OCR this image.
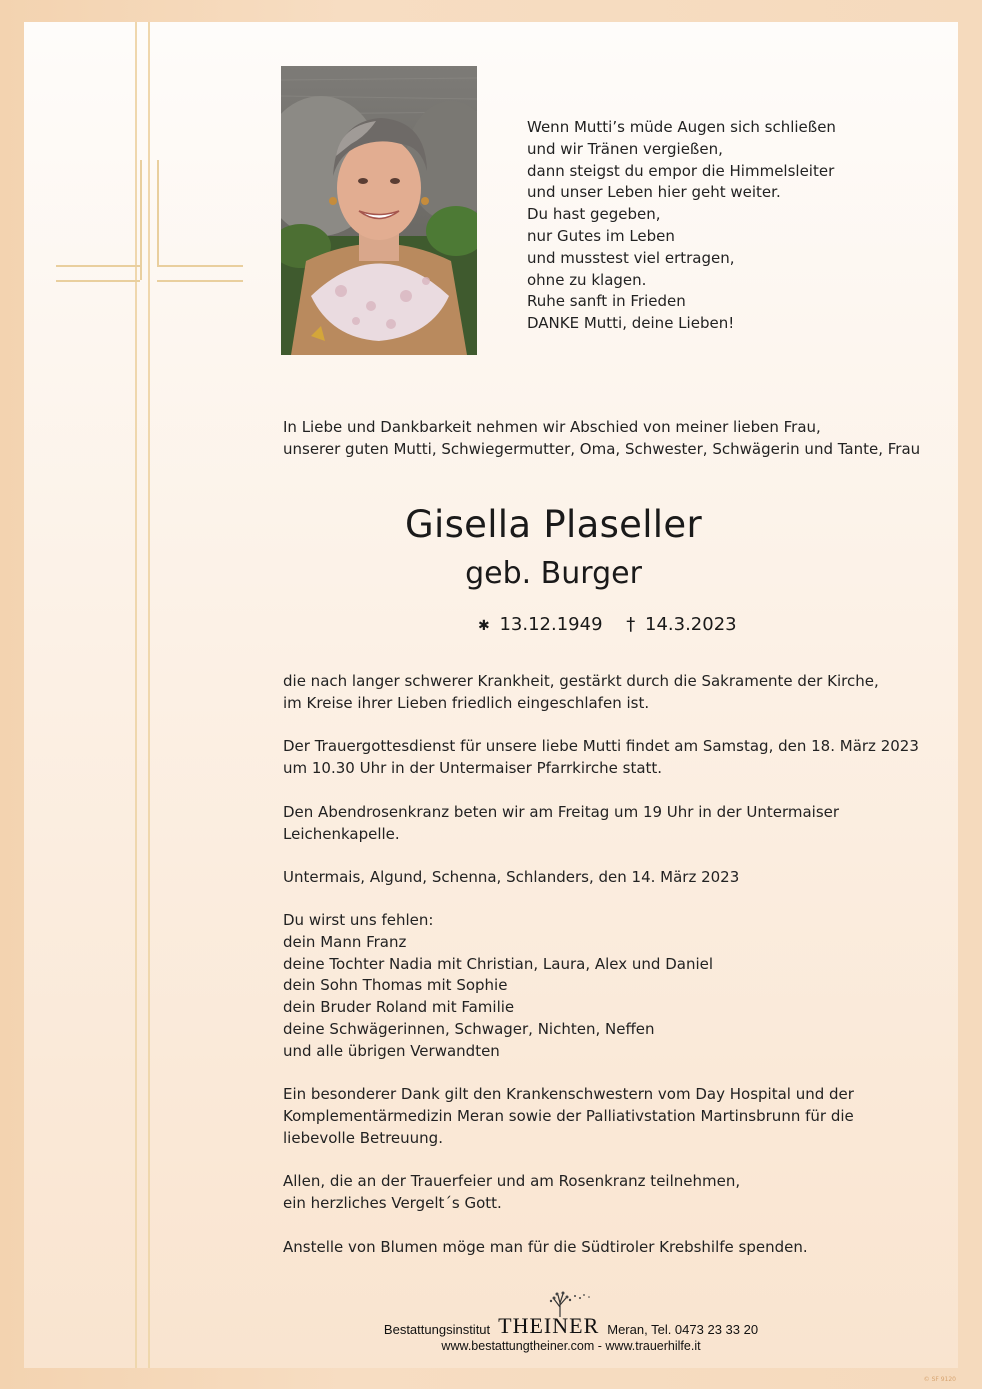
Wenn Mutti’s müde Augen sich schließen
und wir Tränen vergießen,
dann steigst du empor die Himmelsleiter
und unser Leben hier geht weiter.
Du hast gegeben,
nur Gutes im Leben
und musstest viel ertragen,
ohne zu klagen.
Ruhe sanft in Frieden
DANKE Mutti, deine Lieben!
In Liebe und Dankbarkeit nehmen wir Abschied von meiner lieben Frau,
unserer guten Mutti, Schwiegermutter, Oma, Schwester, Schwägerin und Tante, Frau
Gisella Plaseller
geb. Burger
✱ 13.12.1949 † 14.3.2023
die nach langer schwerer Krankheit, gestärkt durch die Sakramente der Kirche,
im Kreise ihrer Lieben friedlich eingeschlafen ist.
Der Trauergottesdienst für unsere liebe Mutti findet am Samstag, den 18. März 2023
um 10.30 Uhr in der Untermaiser Pfarrkirche statt.
Den Abendrosenkranz beten wir am Freitag um 19 Uhr in der Untermaiser
Leichenkapelle.
Untermais, Algund, Schenna, Schlanders, den 14. März 2023
Du wirst uns fehlen:
dein Mann Franz
deine Tochter Nadia mit Christian, Laura, Alex und Daniel
dein Sohn Thomas mit Sophie
dein Bruder Roland mit Familie
deine Schwägerinnen, Schwager, Nichten, Neffen
und alle übrigen Verwandten
Ein besonderer Dank gilt den Krankenschwestern vom Day Hospital und der
Komplementärmedizin Meran sowie der Palliativstation Martinsbrunn für die
liebevolle Betreuung.
Allen, die an der Trauerfeier und am Rosenkranz teilnehmen,
ein herzliches Vergelt´s Gott.
Anstelle von Blumen möge man für die Südtiroler Krebshilfe spenden.
Bestattungsinstitut THEINER Meran, Tel. 0473 23 33 20
www.bestattungtheiner.com - www.trauerhilfe.it
© SF 9120
